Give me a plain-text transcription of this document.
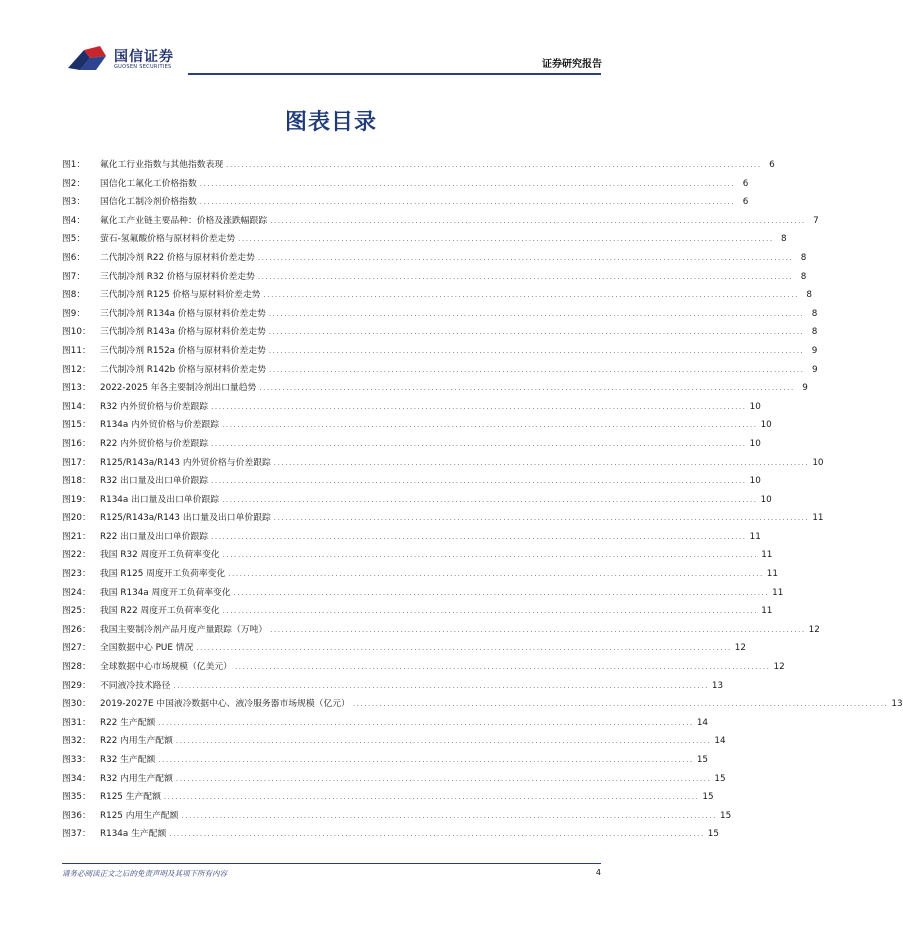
国信证券
GUOSEN SECURITIES	证券研究报告
图表目录
图1：	氟化工行业指数与其他指数表现 ............................................................................................................................................ 6
图2：	国信化工氟化工价格指数 ............................................................................................................................................ 6
图3：	国信化工制冷剂价格指数 ............................................................................................................................................ 6
图4：	氟化工产业链主要品种：价格及涨跌幅跟踪 ............................................................................................................................................ 7
图5：	萤石-氢氟酸价格与原材料价差走势 ............................................................................................................................................ 8
图6：	二代制冷剂 R22 价格与原材料价差走势 ............................................................................................................................................ 8
图7：	三代制冷剂 R32 价格与原材料价差走势 ............................................................................................................................................ 8
图8：	三代制冷剂 R125 价格与原材料价差走势 ............................................................................................................................................ 8
图9：	三代制冷剂 R134a 价格与原材料价差走势 ............................................................................................................................................ 8
图10：	三代制冷剂 R143a 价格与原材料价差走势 ............................................................................................................................................ 8
图11：	三代制冷剂 R152a 价格与原材料价差走势 ............................................................................................................................................ 9
图12：	二代制冷剂 R142b 价格与原材料价差走势 ............................................................................................................................................ 9
图13：	2022-2025 年各主要制冷剂出口量趋势 ............................................................................................................................................ 9
图14：	R32 内外贸价格与价差跟踪 ............................................................................................................................................ 10
图15：	R134a 内外贸价格与价差跟踪 ............................................................................................................................................ 10
图16：	R22 内外贸价格与价差跟踪 ............................................................................................................................................ 10
图17：	R125/R143a/R143 内外贸价格与价差跟踪 ............................................................................................................................................ 10
图18：	R32 出口量及出口单价跟踪 ............................................................................................................................................ 10
图19：	R134a 出口量及出口单价跟踪 ............................................................................................................................................ 10
图20：	R125/R143a/R143 出口量及出口单价跟踪 ............................................................................................................................................ 11
图21：	R22 出口量及出口单价跟踪 ............................................................................................................................................ 11
图22：	我国 R32 周度开工负荷率变化 ............................................................................................................................................ 11
图23：	我国 R125 周度开工负荷率变化 ............................................................................................................................................ 11
图24：	我国 R134a 周度开工负荷率变化 ............................................................................................................................................ 11
图25：	我国 R22 周度开工负荷率变化 ............................................................................................................................................ 11
图26：	我国主要制冷剂产品月度产量跟踪（万吨） ............................................................................................................................................ 12
图27：	全国数据中心 PUE 情况 ............................................................................................................................................ 12
图28：	全球数据中心市场规模（亿美元） ............................................................................................................................................ 12
图29：	不同液冷技术路径 ............................................................................................................................................ 13
图30：	2019-2027E 中国液冷数据中心、液冷服务器市场规模（亿元） ............................................................................................................................................ 13
图31：	R22 生产配额 ............................................................................................................................................ 14
图32：	R22 内用生产配额 ............................................................................................................................................ 14
图33：	R32 生产配额 ............................................................................................................................................ 15
图34：	R32 内用生产配额 ............................................................................................................................................ 15
图35：	R125 生产配额 ............................................................................................................................................ 15
图36：	R125 内用生产配额 ............................................................................................................................................ 15
图37：	R134a 生产配额 ............................................................................................................................................ 15
请务必阅读正文之后的免责声明及其项下所有内容	4
